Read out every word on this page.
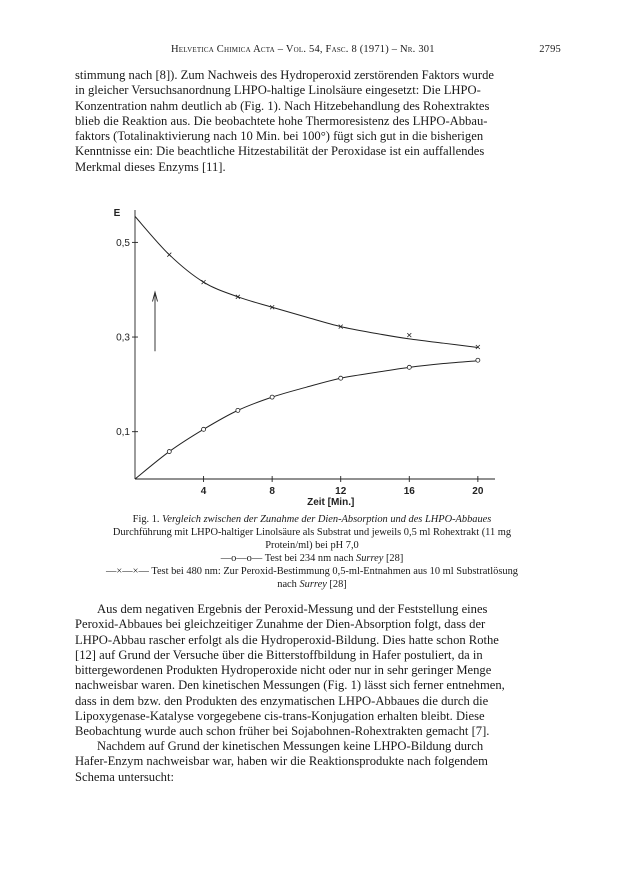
Helvetica Chimica Acta – Vol. 54, Fasc. 8 (1971) – Nr. 301	2795

stimmung nach [8]). Zum Nachweis des Hydroperoxid zerstörenden Faktors wurde
in gleicher Versuchsanordnung LHPO-haltige Linolsäure eingesetzt: Die LHPO-
Konzentration nahm deutlich ab (Fig. 1). Nach Hitzebehandlung des Rohextraktes
blieb die Reaktion aus. Die beobachtete hohe Thermoresistenz des LHPO-Abbau-
faktors (Totalinaktivierung nach 10 Min. bei 100°) fügt sich gut in die bisherigen
Kenntnisse ein: Die beachtliche Hitzestabilität der Peroxidase ist ein auffallendes
Merkmal dieses Enzyms [11].

0,1
0,3
0,5
4	8	12	16	20
E
Zeit [Min.]
Fig. 1. Vergleich zwischen der Zunahme der Dien-Absorption und des LHPO-Abbaues
Durchführung mit LHPO-haltiger Linolsäure als Substrat und jeweils 0,5 ml Rohextrakt (11 mg
Protein/ml) bei pH 7,0
—o—o— Test bei 234 nm nach Surrey [28]
—×—×— Test bei 480 nm: Zur Peroxid-Bestimmung 0,5-ml-Entnahmen aus 10 ml Substratlösung
nach Surrey [28]

Aus dem negativen Ergebnis der Peroxid-Messung und der Feststellung eines
Peroxid-Abbaues bei gleichzeitiger Zunahme der Dien-Absorption folgt, dass der
LHPO-Abbau rascher erfolgt als die Hydroperoxid-Bildung. Dies hatte schon Rothe
[12] auf Grund der Versuche über die Bitterstoffbildung in Hafer postuliert, da in
bittergewordenen Produkten Hydroperoxide nicht oder nur in sehr geringer Menge
nachweisbar waren. Den kinetischen Messungen (Fig. 1) lässt sich ferner entnehmen,
dass in dem bzw. den Produkten des enzymatischen LHPO-Abbaues die durch die
Lipoxygenase-Katalyse vorgegebene cis-trans-Konjugation erhalten bleibt. Diese
Beobachtung wurde auch schon früher bei Sojabohnen-Rohextrakten gemacht [7].

Nachdem auf Grund der kinetischen Messungen keine LHPO-Bildung durch
Hafer-Enzym nachweisbar war, haben wir die Reaktionsprodukte nach folgendem
Schema untersucht:
